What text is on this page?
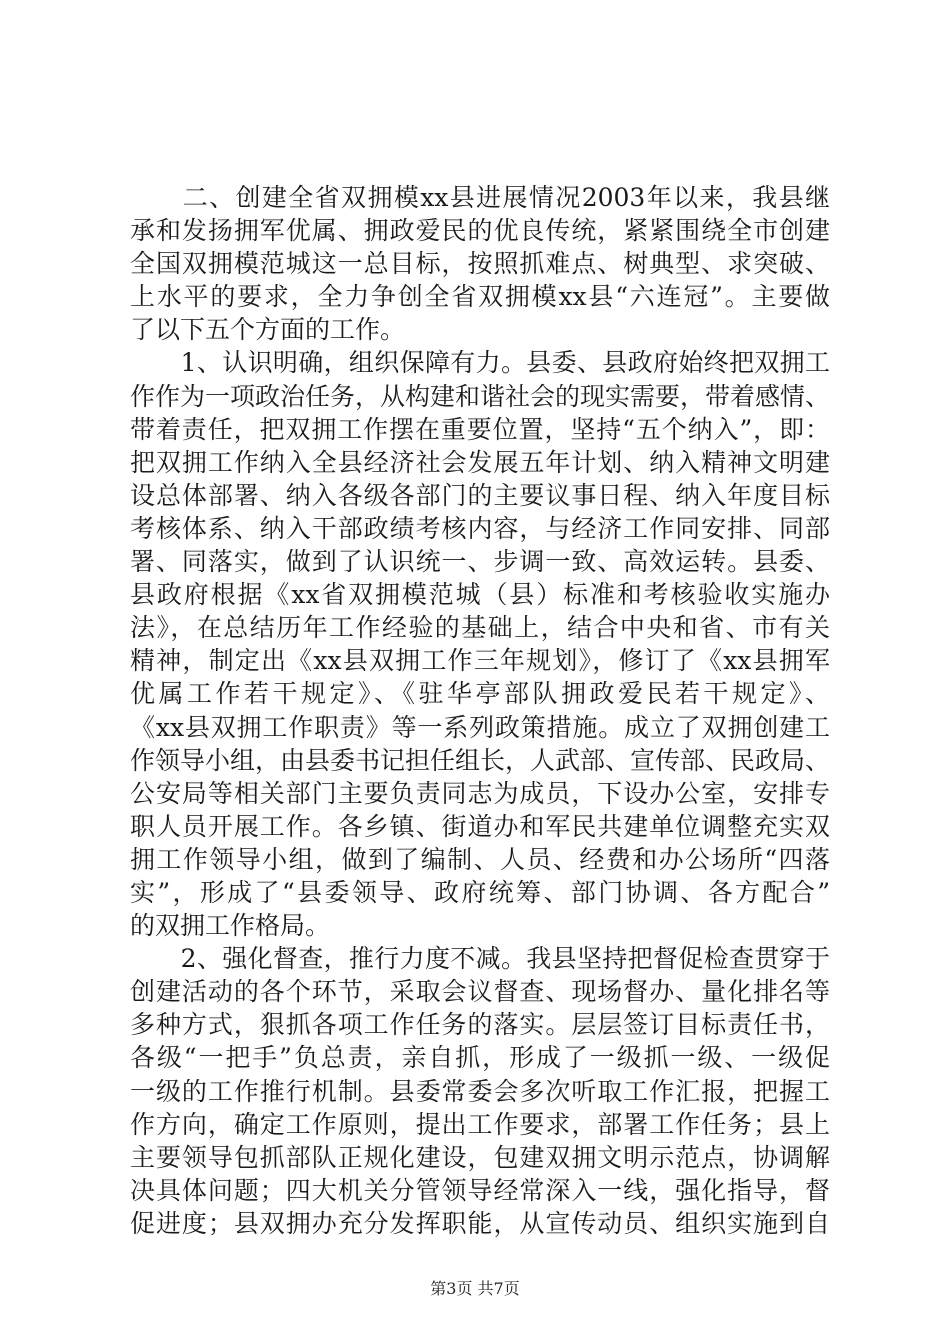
　　二、创建全省双拥模xx县进展情况2003年以来，我县继
承和发扬拥军优属、拥政爱民的优良传统，紧紧围绕全市创建
全国双拥模范城这一总目标，按照抓难点、树典型、求突破、
上水平的要求，全力争创全省双拥模xx县“六连冠”。主要做
了以下五个方面的工作。
　　1、认识明确，组织保障有力。县委、县政府始终把双拥工
作作为一项政治任务，从构建和谐社会的现实需要，带着感情、
带着责任，把双拥工作摆在重要位置，坚持“五个纳入”，即：
把双拥工作纳入全县经济社会发展五年计划、纳入精神文明建
设总体部署、纳入各级各部门的主要议事日程、纳入年度目标
考核体系、纳入干部政绩考核内容，与经济工作同安排、同部
署、同落实，做到了认识统一、步调一致、高效运转。县委、
县政府根据《xx省双拥模范城（县）标准和考核验收实施办
法》，在总结历年工作经验的基础上，结合中央和省、市有关
精神，制定出《xx县双拥工作三年规划》，修订了《xx县拥军
优属工作若干规定》、《驻华亭部队拥政爱民若干规定》、
《xx县双拥工作职责》等一系列政策措施。成立了双拥创建工
作领导小组，由县委书记担任组长，人武部、宣传部、民政局、
公安局等相关部门主要负责同志为成员，下设办公室，安排专
职人员开展工作。各乡镇、街道办和军民共建单位调整充实双
拥工作领导小组，做到了编制、人员、经费和办公场所“四落
实”，形成了“县委领导、政府统筹、部门协调、各方配合”
的双拥工作格局。
　　2、强化督查，推行力度不减。我县坚持把督促检查贯穿于
创建活动的各个环节，采取会议督查、现场督办、量化排名等
多种方式，狠抓各项工作任务的落实。层层签订目标责任书，
各级“一把手”负总责，亲自抓，形成了一级抓一级、一级促
一级的工作推行机制。县委常委会多次听取工作汇报，把握工
作方向，确定工作原则，提出工作要求，部署工作任务；县上
主要领导包抓部队正规化建设，包建双拥文明示范点，协调解
决具体问题；四大机关分管领导经常深入一线，强化指导，督
促进度；县双拥办充分发挥职能，从宣传动员、组织实施到自
第3页 共7页
